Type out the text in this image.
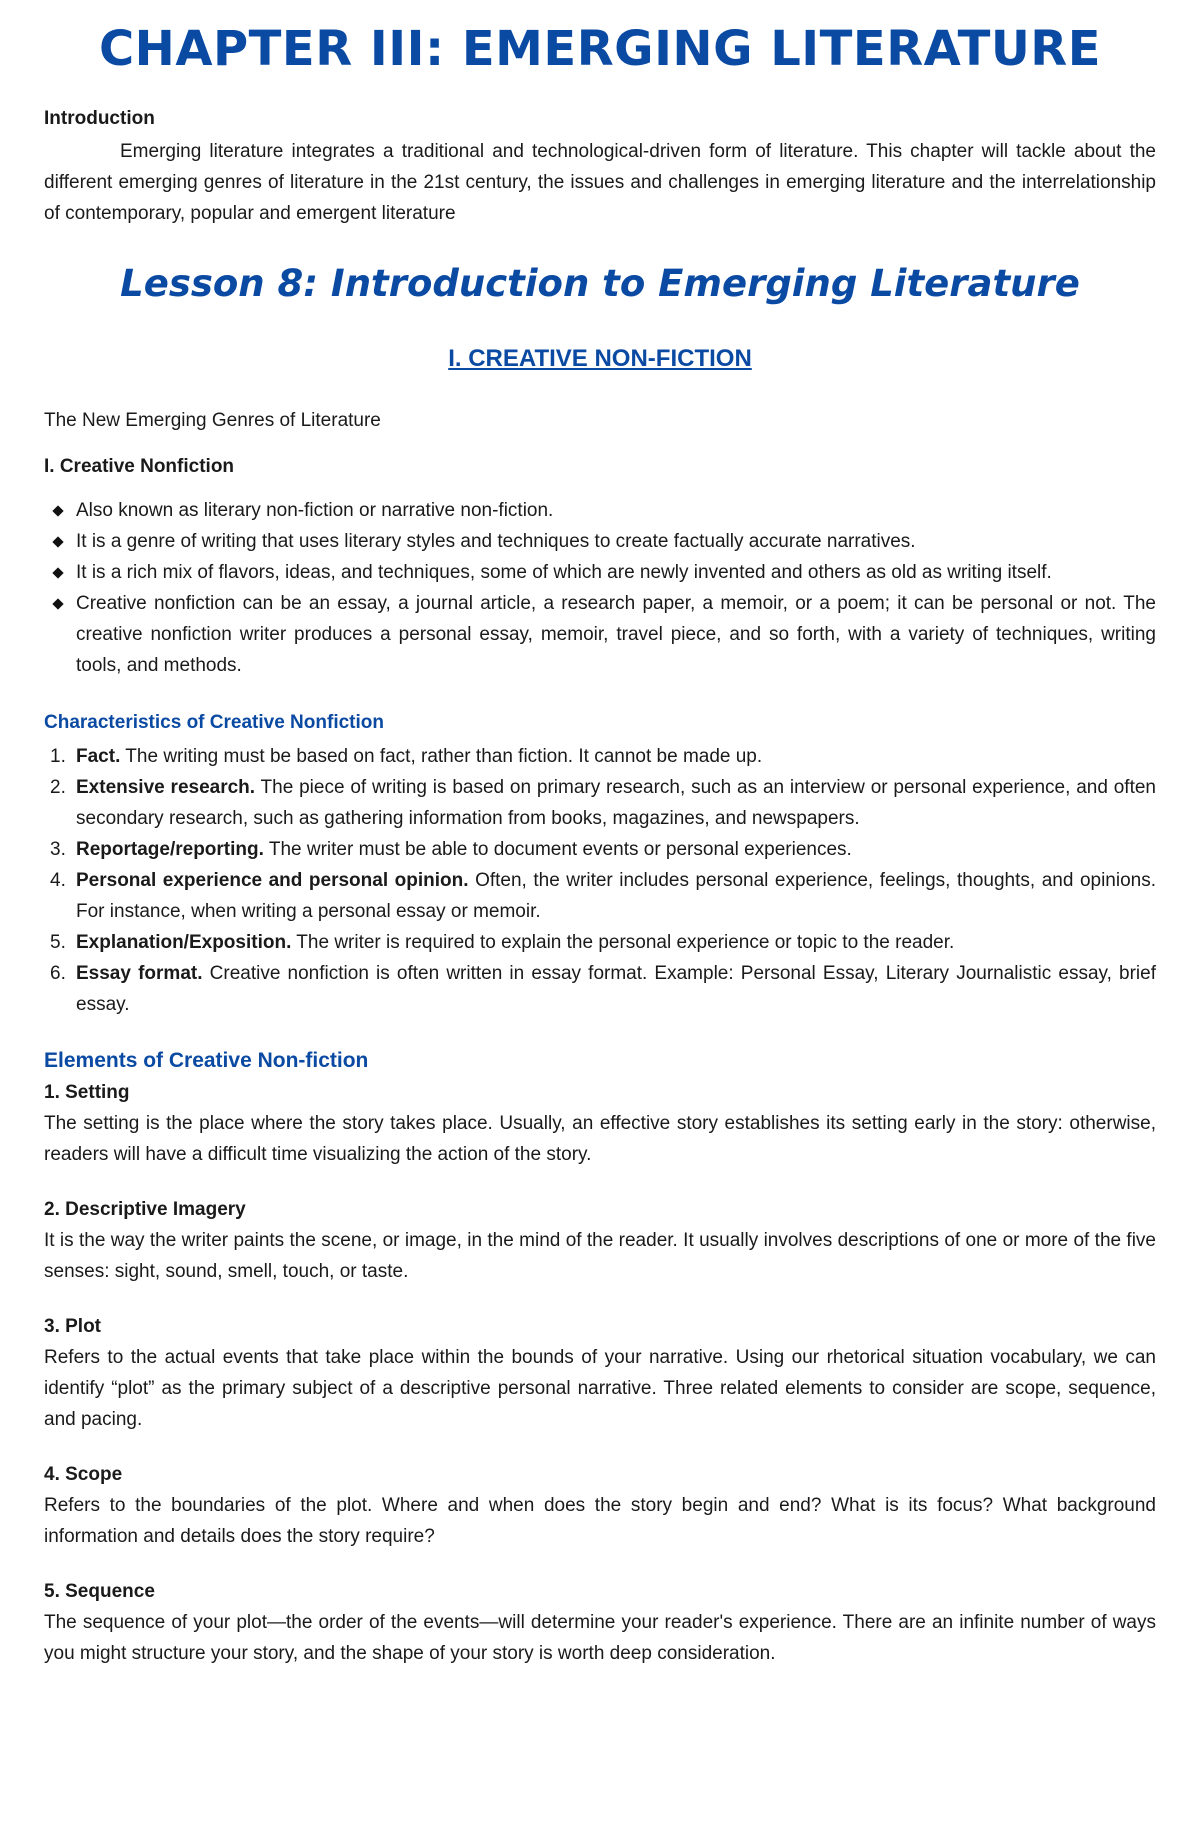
CHAPTER III: EMERGING LITERATURE
Introduction

Emerging literature integrates a traditional and technological-driven form of literature. This chapter will tackle about the different emerging genres of literature in the 21st century, the issues and challenges in emerging literature and the interrelationship of contemporary, popular and emergent literature

Lesson 8: Introduction to Emerging Literature
I. CREATIVE NON-FICTION
The New Emerging Genres of Literature
I. Creative Nonfiction
Also known as literary non-fiction or narrative non-fiction.
It is a genre of writing that uses literary styles and techniques to create factually accurate narratives.
It is a rich mix of flavors, ideas, and techniques, some of which are newly invented and others as old as writing itself.
Creative nonfiction can be an essay, a journal article, a research paper, a memoir, or a poem; it can be personal or not. The creative nonfiction writer produces a personal essay, memoir, travel piece, and so forth, with a variety of techniques, writing tools, and methods.
Characteristics of Creative Nonfiction
1. Fact. The writing must be based on fact, rather than fiction. It cannot be made up.
2. Extensive research. The piece of writing is based on primary research, such as an interview or personal experience, and often secondary research, such as gathering information from books, magazines, and newspapers.
3. Reportage/reporting. The writer must be able to document events or personal experiences.
4. Personal experience and personal opinion. Often, the writer includes personal experience, feelings, thoughts, and opinions. For instance, when writing a personal essay or memoir.
5. Explanation/Exposition. The writer is required to explain the personal experience or topic to the reader.
6. Essay format. Creative nonfiction is often written in essay format. Example: Personal Essay, Literary Journalistic essay, brief essay.
Elements of Creative Non-fiction
1. Setting

The setting is the place where the story takes place. Usually, an effective story establishes its setting early in the story: otherwise, readers will have a difficult time visualizing the action of the story.

2. Descriptive Imagery

It is the way the writer paints the scene, or image, in the mind of the reader. It usually involves descriptions of one or more of the five senses: sight, sound, smell, touch, or taste.

3. Plot

Refers to the actual events that take place within the bounds of your narrative. Using our rhetorical situation vocabulary, we can identify “plot” as the primary subject of a descriptive personal narrative. Three related elements to consider are scope, sequence, and pacing.

4. Scope

Refers to the boundaries of the plot. Where and when does the story begin and end? What is its focus? What background information and details does the story require?

5. Sequence

The sequence of your plot—the order of the events—will determine your reader's experience. There are an infinite number of ways you might structure your story, and the shape of your story is worth deep consideration.
